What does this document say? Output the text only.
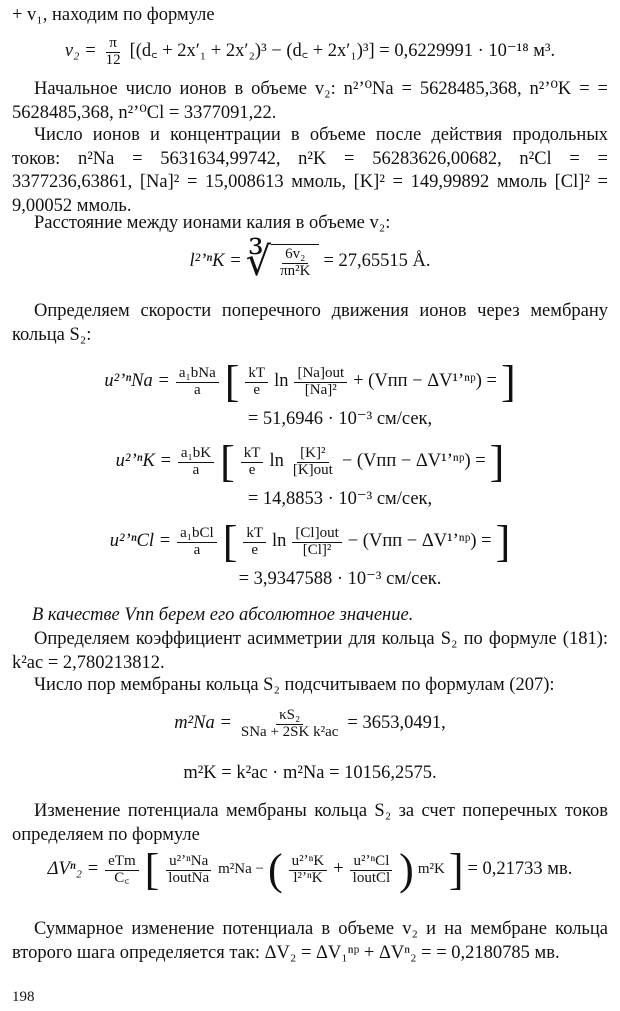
+ v₁, находим по формуле

$v_2 = \frac{\pi}{12}$ [(d꜀ + 2x′₁ + 2x′₂)³ − (d꜀ + 2x′₁)³] = 0,6229991 · 10⁻¹⁸ м³.

Начальное число ионов в объеме v₂: n²ʼ⁰Na = 5628485,368, n²ʼ⁰K = = 5628485,368, n²ʼ⁰Cl = 3377091,22.

Число ионов и концентрации в объеме после действия продольных токов: n²Na = 5631634,99742, n²K = 56283626,00682, n²Cl = = 3377236,63861, [Na]² = 15,008613 ммоль, [K]² = 149,99892 ммоль [Cl]² = 9,00052 ммоль.

Расстояние между ионами калия в объеме v₂:

l²ʼⁿK = ∛ $\frac{\text{6v₂}}{\text{πn²K}} = 27,65515$ Å.

Определяем скорости поперечного движения ионов через мембрану кольца S₂:

u²ʼⁿNa = $\frac{\text{a₁bNa}}{a}$ [ $\frac{kT}{e}$ $\ln \frac{\text{[Na]out}}{\text{[Na]²}} + (Vпп$ − ΔV¹ʼⁿᵖ) = ]
= 51,6946 · 10⁻³ см/сек,
u²ʼⁿK = $\frac{\text{a₁bK}}{a}$ [ $\frac{kT}{e}$ $\ln \frac{\text{[K]²}}{\text{[K]out}} - (Vпп$ − ΔV¹ʼⁿᵖ) = ]
= 14,8853 · 10⁻³ см/сек,
u²ʼⁿCl = $\frac{\text{a₁bCl}}{a}$ [ $\frac{kT}{e}$ $\ln \frac{\text{[Cl]out}}{\text{[Cl]²}} - (Vпп$ − ΔV¹ʼⁿᵖ) = ]
= 3,9347588 · 10⁻³ см/сек.

В качестве Vпп берем его абсолютное значение.

Определяем коэффициент асимметрии для кольца S₂ по формуле (181): k²ас = 2,780213812.

Число пор мембраны кольца S₂ подсчитываем по формулам (207):

$m^2Na = \frac{\text{κS₂}}{\text{SNa + 2SK k²ac}} = 3653,0491$,
m²K = k²ac · m²Na = 10156,2575.

Изменение потенциала мембраны кольца S₂ за счет поперечных токов определяем по формуле

$\Delta V^n_2 = \frac{\text{eTm}}{C꜀}$ [ $\frac{\text{u²ʼⁿNa}}{\text{loutNa}} m^2Na$ − ( $\frac{\text{u²ʼⁿK}}{\text{l²ʼⁿK}} + \frac{\text{u²ʼⁿCl}}{\text{loutCl}}$ ) m²K ] = 0,21733 мв.

Суммарное изменение потенциала в объеме v₂ и на мембране кольца второго шага определяется так: ΔV₂ = ΔV₁ⁿᵖ + ΔVⁿ₂ = = 0,2180785 мв.

198
